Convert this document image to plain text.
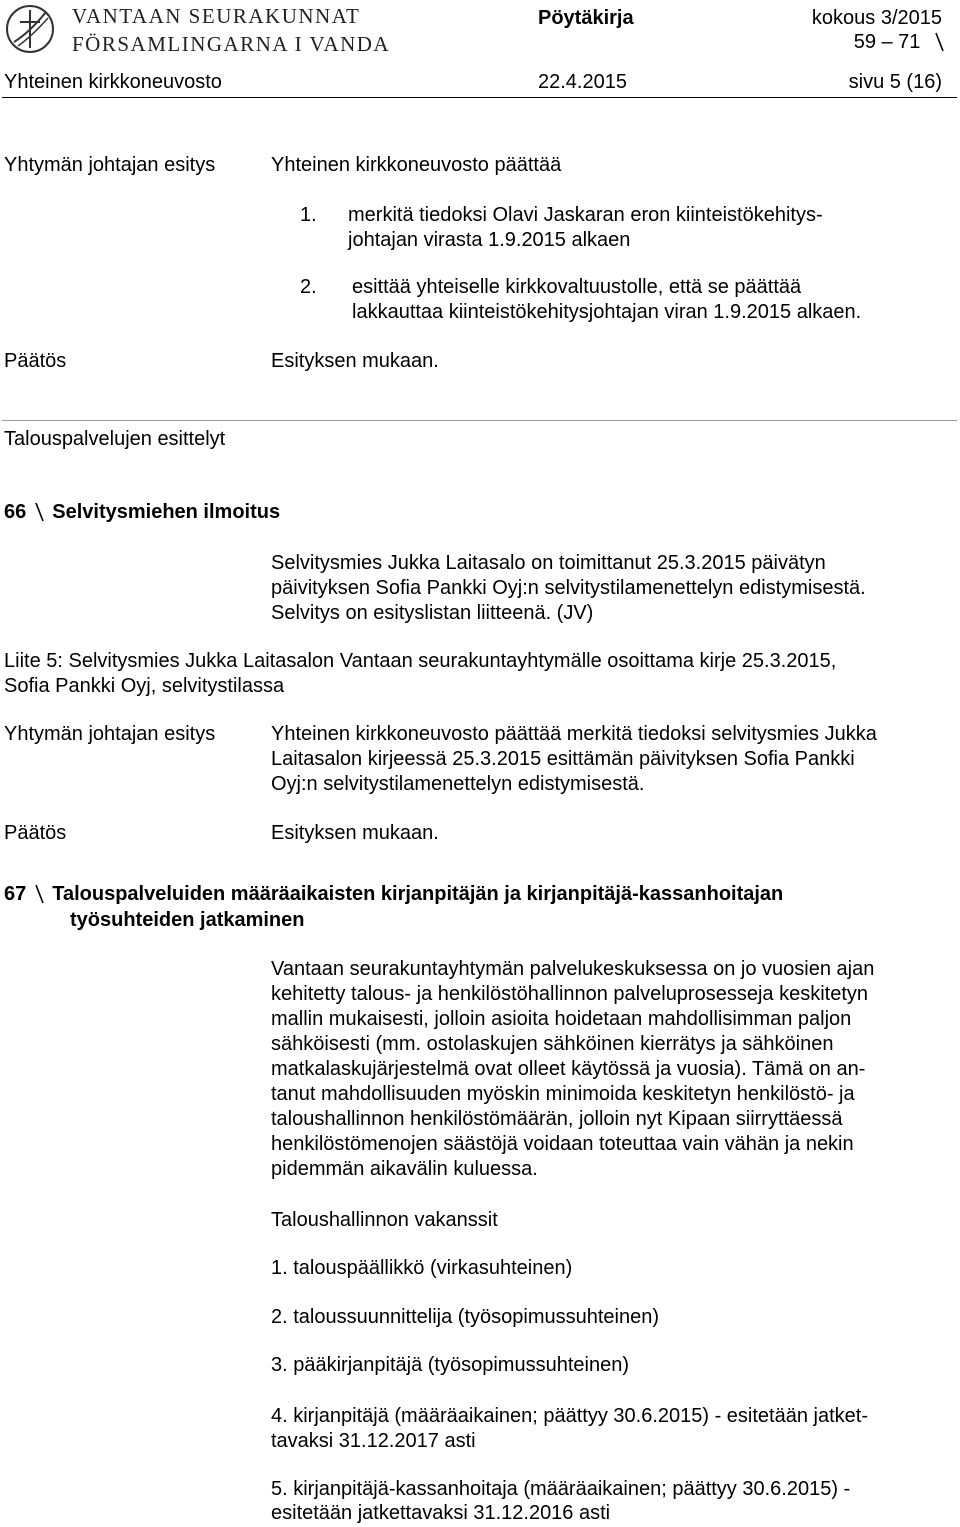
VANTAAN SEURAKUNNAT
FÖRSAMLINGARNA I VANDA
Pöytäkirja	kokous 3/2015
59 – 71
Yhteinen kirkkoneuvosto	22.4.2015	sivu 5 (16)
Yhtymän johtajan esitys	Yhteinen kirkkoneuvosto päättää
1. merkitä tiedoksi Olavi Jaskaran eron kiinteistökehitys-
johtajan virasta 1.9.2015 alkaen
2. esittää yhteiselle kirkkovaltuustolle, että se päättää
lakkauttaa kiinteistökehitysjohtajan viran 1.9.2015 alkaen.
Päätös	Esityksen mukaan.
Talouspalvelujen esittelyt
66 Selvitysmiehen ilmoitus
Selvitysmies Jukka Laitasalo on toimittanut 25.3.2015 päivätyn
päivityksen Sofia Pankki Oyj:n selvitystilamenettelyn edistymisestä.
Selvitys on esityslistan liitteenä. (JV)
Liite 5: Selvitysmies Jukka Laitasalon Vantaan seurakuntayhtymälle osoittama kirje 25.3.2015,
Sofia Pankki Oyj, selvitystilassa
Yhtymän johtajan esitys	Yhteinen kirkkoneuvosto päättää merkitä tiedoksi selvitysmies Jukka
Laitasalon kirjeessä 25.3.2015 esittämän päivityksen Sofia Pankki
Oyj:n selvitystilamenettelyn edistymisestä.
Päätös	Esityksen mukaan.
67 Talouspalveluiden määräaikaisten kirjanpitäjän ja kirjanpitäjä-kassanhoitajan
työsuhteiden jatkaminen
Vantaan seurakuntayhtymän palvelukeskuksessa on jo vuosien ajan
kehitetty talous- ja henkilöstöhallinnon palveluprosesseja keskitetyn
mallin mukaisesti, jolloin asioita hoidetaan mahdollisimman paljon
sähköisesti (mm. ostolaskujen sähköinen kierrätys ja sähköinen
matkalaskujärjestelmä ovat olleet käytössä ja vuosia). Tämä on an-
tanut mahdollisuuden myöskin minimoida keskitetyn henkilöstö- ja
taloushallinnon henkilöstömäärän, jolloin nyt Kipaan siirryttäessä
henkilöstömenojen säästöjä voidaan toteuttaa vain vähän ja nekin
pidemmän aikavälin kuluessa.
Taloushallinnon vakanssit
1. talouspäällikkö (virkasuhteinen)
2. taloussuunnittelija (työsopimussuhteinen)
3. pääkirjanpitäjä (työsopimussuhteinen)
4. kirjanpitäjä (määräaikainen; päättyy 30.6.2015) - esitetään jatket-
tavaksi 31.12.2017 asti
5. kirjanpitäjä-kassanhoitaja (määräaikainen; päättyy 30.6.2015) -
esitetään jatkettavaksi 31.12.2016 asti
